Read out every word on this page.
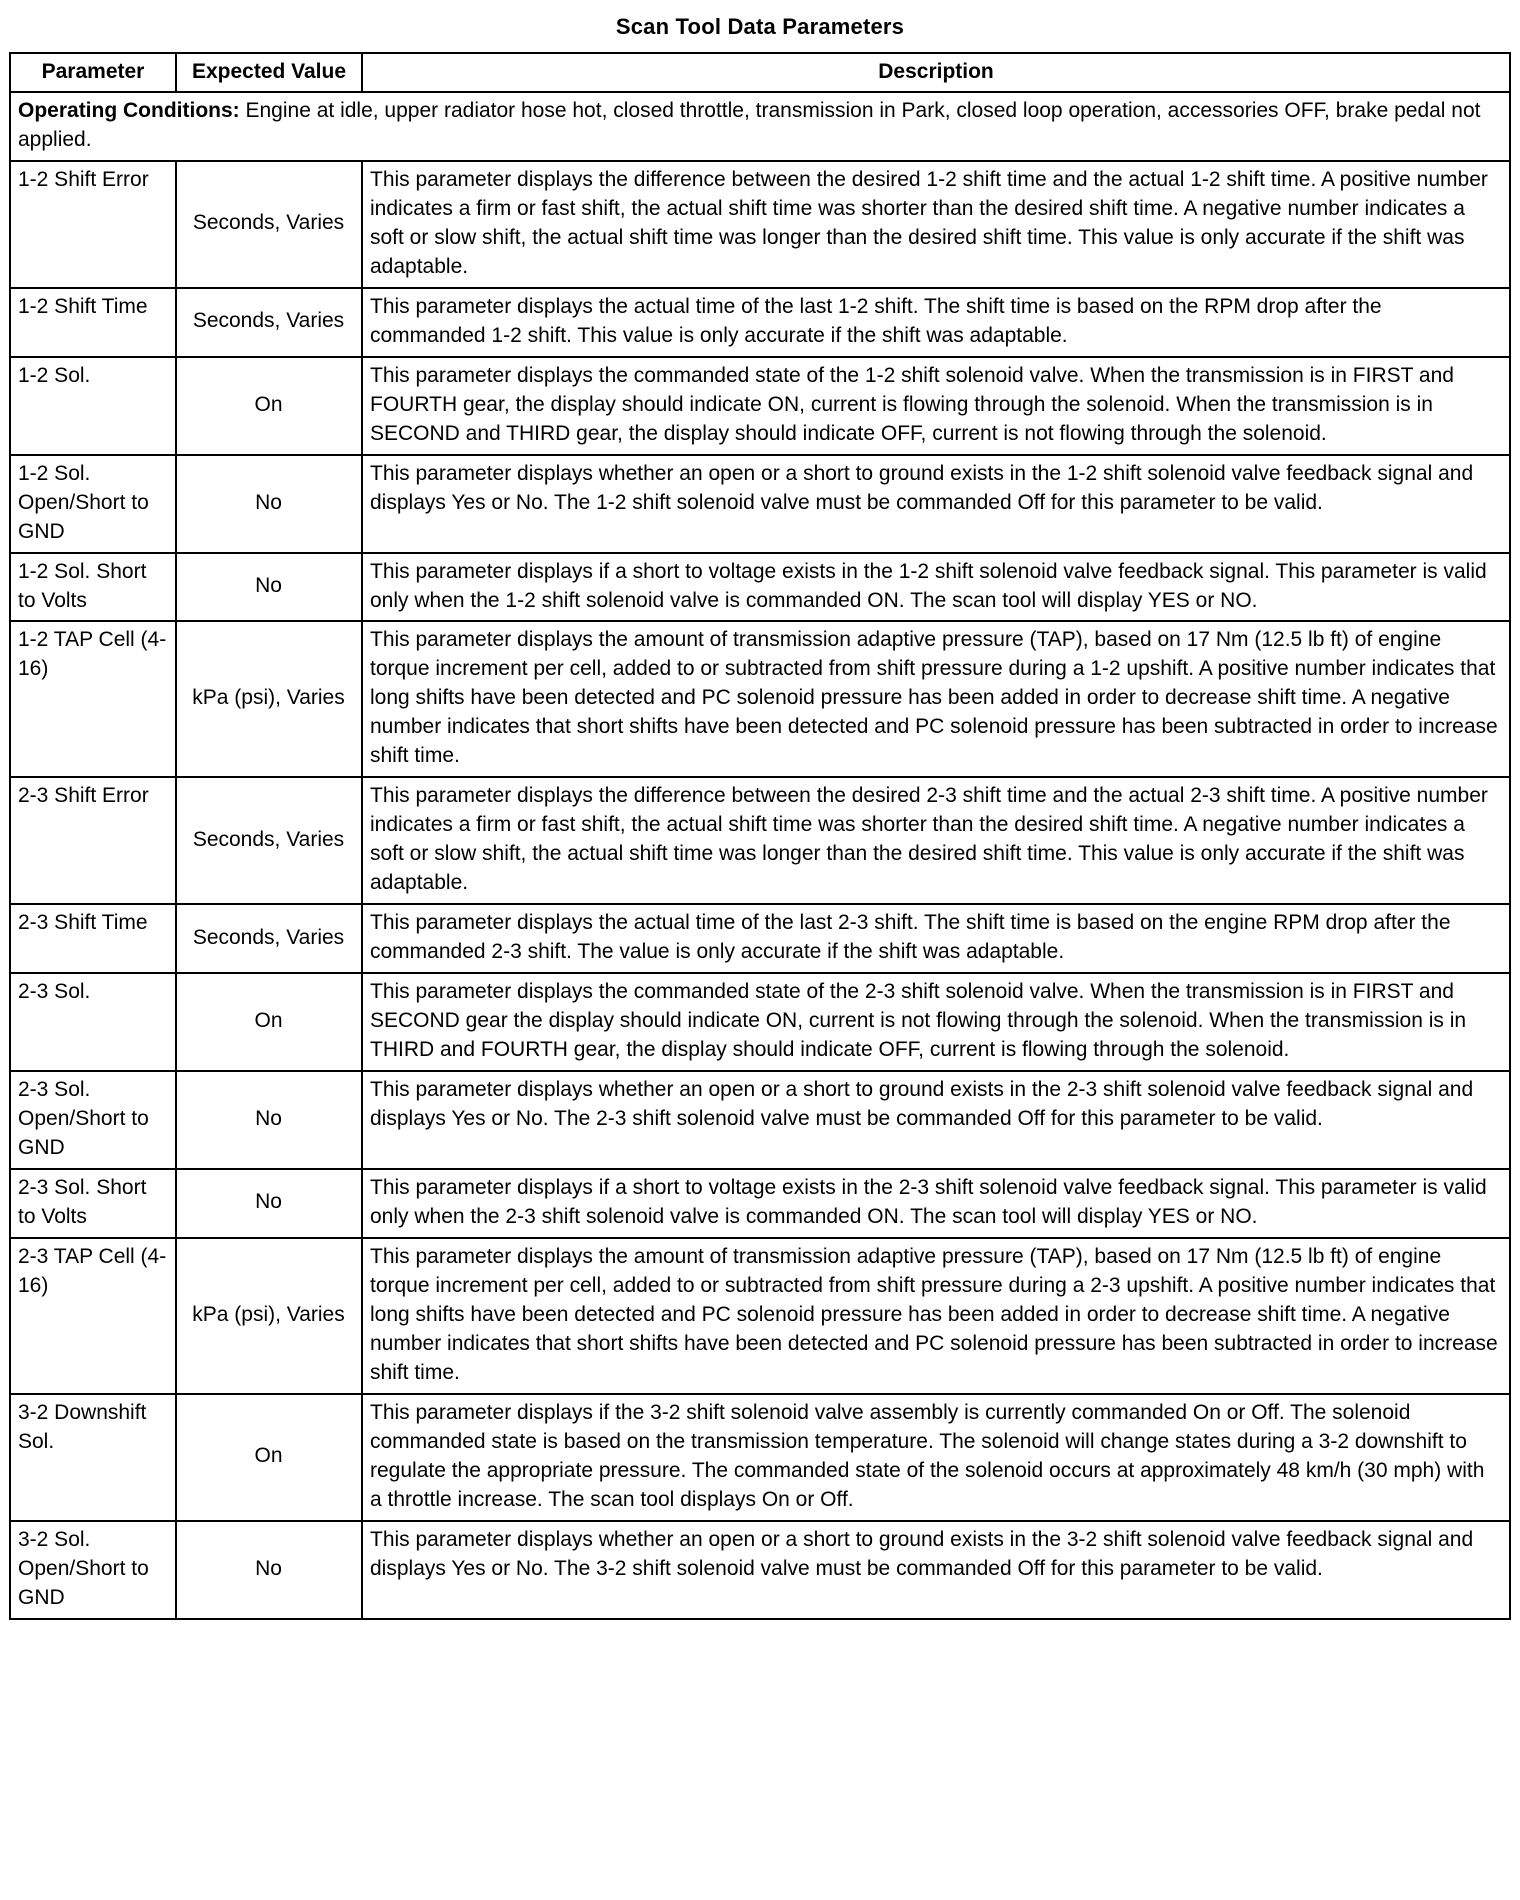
Scan Tool Data Parameters
Parameter	Expected Value	Description
Operating Conditions: Engine at idle, upper radiator hose hot, closed throttle, transmission in Park, closed loop operation, accessories OFF, brake pedal not applied.		
1-2 Shift Error	Seconds, Varies	This parameter displays the difference between the desired 1-2 shift time and the actual 1-2 shift time. A positive number indicates a firm or fast shift, the actual shift time was shorter than the desired shift time. A negative number indicates a soft or slow shift, the actual shift time was longer than the desired shift time. This value is only accurate if the shift was adaptable.
1-2 Shift Time	Seconds, Varies	This parameter displays the actual time of the last 1-2 shift. The shift time is based on the RPM drop after the commanded 1-2 shift. This value is only accurate if the shift was adaptable.
1-2 Sol.	On	This parameter displays the commanded state of the 1-2 shift solenoid valve. When the transmission is in FIRST and FOURTH gear, the display should indicate ON, current is flowing through the solenoid. When the transmission is in SECOND and THIRD gear, the display should indicate OFF, current is not flowing through the solenoid.
1-2 Sol. Open/Short to GND	No	This parameter displays whether an open or a short to ground exists in the 1-2 shift solenoid valve feedback signal and displays Yes or No. The 1-2 shift solenoid valve must be commanded Off for this parameter to be valid.
1-2 Sol. Short to Volts	No	This parameter displays if a short to voltage exists in the 1-2 shift solenoid valve feedback signal. This parameter is valid only when the 1-2 shift solenoid valve is commanded ON. The scan tool will display YES or NO.
1-2 TAP Cell (4-16)	kPa (psi), Varies	This parameter displays the amount of transmission adaptive pressure (TAP), based on 17 Nm (12.5 lb ft) of engine torque increment per cell, added to or subtracted from shift pressure during a 1-2 upshift. A positive number indicates that long shifts have been detected and PC solenoid pressure has been added in order to decrease shift time. A negative number indicates that short shifts have been detected and PC solenoid pressure has been subtracted in order to increase shift time.
2-3 Shift Error	Seconds, Varies	This parameter displays the difference between the desired 2-3 shift time and the actual 2-3 shift time. A positive number indicates a firm or fast shift, the actual shift time was shorter than the desired shift time. A negative number indicates a soft or slow shift, the actual shift time was longer than the desired shift time. This value is only accurate if the shift was adaptable.
2-3 Shift Time	Seconds, Varies	This parameter displays the actual time of the last 2-3 shift. The shift time is based on the engine RPM drop after the commanded 2-3 shift. The value is only accurate if the shift was adaptable.
2-3 Sol.	On	This parameter displays the commanded state of the 2-3 shift solenoid valve. When the transmission is in FIRST and SECOND gear the display should indicate ON, current is not flowing through the solenoid. When the transmission is in THIRD and FOURTH gear, the display should indicate OFF, current is flowing through the solenoid.
2-3 Sol. Open/Short to GND	No	This parameter displays whether an open or a short to ground exists in the 2-3 shift solenoid valve feedback signal and displays Yes or No. The 2-3 shift solenoid valve must be commanded Off for this parameter to be valid.
2-3 Sol. Short to Volts	No	This parameter displays if a short to voltage exists in the 2-3 shift solenoid valve feedback signal. This parameter is valid only when the 2-3 shift solenoid valve is commanded ON. The scan tool will display YES or NO.
2-3 TAP Cell (4-16)	kPa (psi), Varies	This parameter displays the amount of transmission adaptive pressure (TAP), based on 17 Nm (12.5 lb ft) of engine torque increment per cell, added to or subtracted from shift pressure during a 2-3 upshift. A positive number indicates that long shifts have been detected and PC solenoid pressure has been added in order to decrease shift time. A negative number indicates that short shifts have been detected and PC solenoid pressure has been subtracted in order to increase shift time.
3-2 Downshift Sol.	On	This parameter displays if the 3-2 shift solenoid valve assembly is currently commanded On or Off. The solenoid commanded state is based on the transmission temperature. The solenoid will change states during a 3-2 downshift to regulate the appropriate pressure. The commanded state of the solenoid occurs at approximately 48 km/h (30 mph) with a throttle increase. The scan tool displays On or Off.
3-2 Sol. Open/Short to GND	No	This parameter displays whether an open or a short to ground exists in the 3-2 shift solenoid valve feedback signal and displays Yes or No. The 3-2 shift solenoid valve must be commanded Off for this parameter to be valid.
